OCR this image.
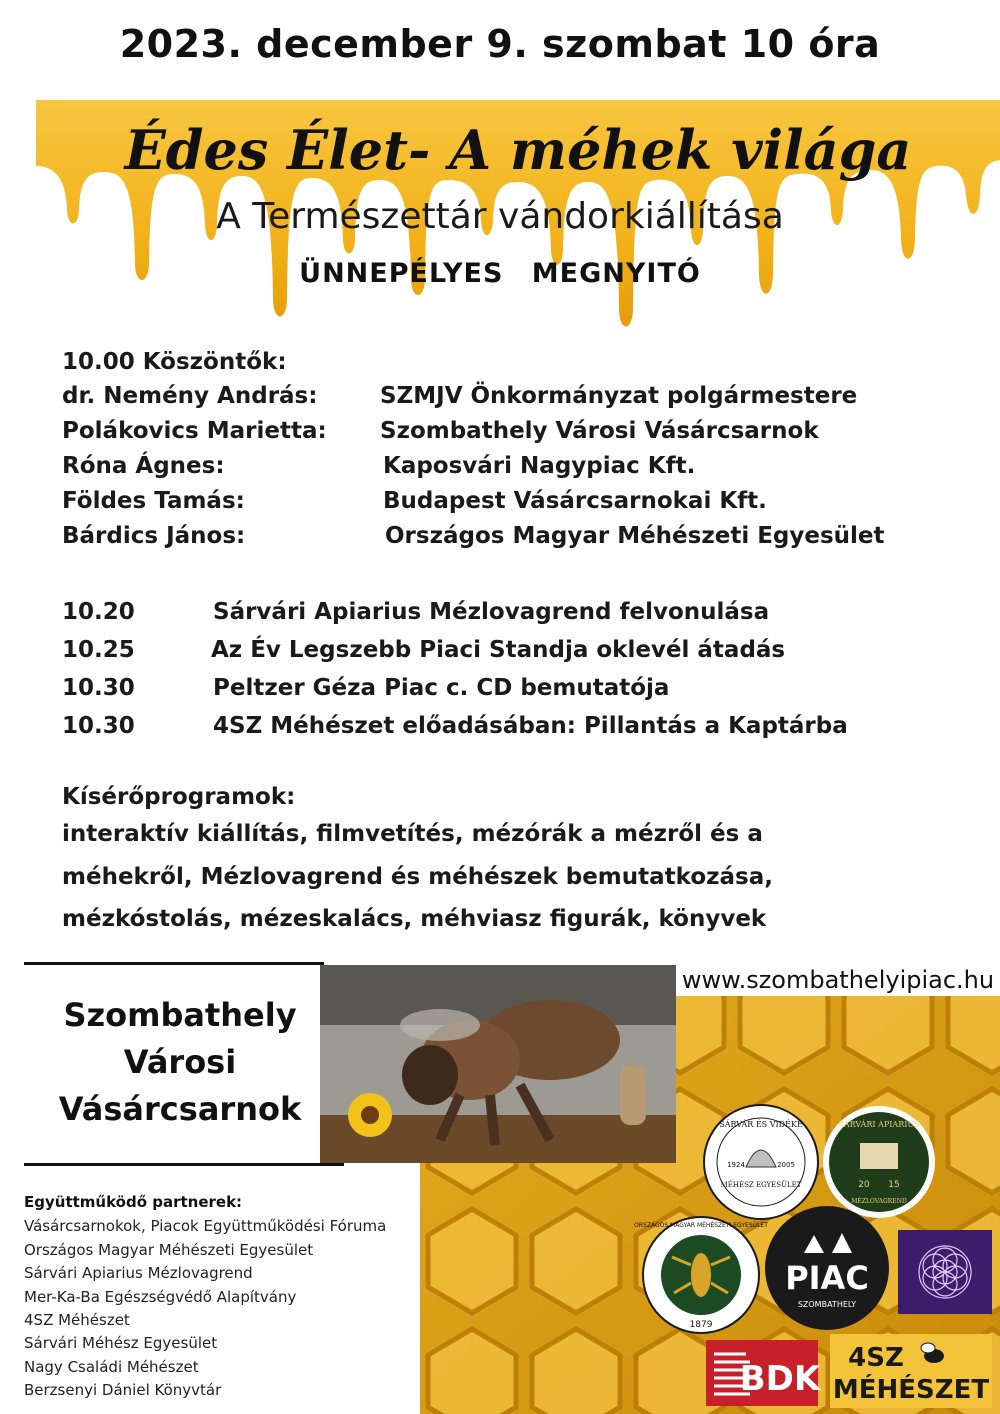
2023. december 9. szombat 10 óra
Édes Élet- A méhek világa
A Természettár vándorkiállítása
ÜNNEPÉLYES MEGNYITÓ
10.00 Köszöntők:
dr. Nemény András:	SZMJV Önkormányzat polgármestere
Polákovics Marietta: Szombathely Városi Vásárcsarnok
Róna Ágnes:	Kaposvári Nagypiac Kft.
Földes Tamás:	Budapest Vásárcsarnokai Kft.
Bárdics János:	Országos Magyar Méhészeti Egyesület
10.20	Sárvári Apiarius Mézlovagrend felvonulása
10.25	Az Év Legszebb Piaci Standja oklevél átadás
10.30	Peltzer Géza Piac c. CD bemutatója
10.30	4SZ Méhészet előadásában: Pillantás a Kaptárba
Kísérőprogramok:
interaktív kiállítás, filmvetítés, mézórák a mézről és a
méhekről, Mézlovagrend és méhészek bemutatkozása,
mézkóstolás, mézeskalács, méhviasz figurák, könyvek
www.szombathelyipiac.hu
Szombathely
Városi
Vásárcsarnok
Együttműködő partnerek:
Vásárcsarnokok, Piacok Együttműködési Fóruma
Országos Magyar Méhészeti Egyesület
Sárvári Apiarius Mézlovagrend
Mer-Ka-Ba Egészségvédő Alapítvány
4SZ Méhészet
Sárvári Méhész Egyesület
Nagy Családi Méhészet
Berzsenyi Dániel Könyvtár
SÁRVÁR ÉS VIDÉKE
1924	2005
MÉHÉSZ EGYESÜLET
SÁRVÁRI APIARIUS
20 15
MÉZLOVAGREND
ORSZÁGOS MAGYAR MÉHÉSZETI EGYESÜLET
1879
PIAC
SZOMBATHELY
BDK
4SZ
MÉHÉSZET
